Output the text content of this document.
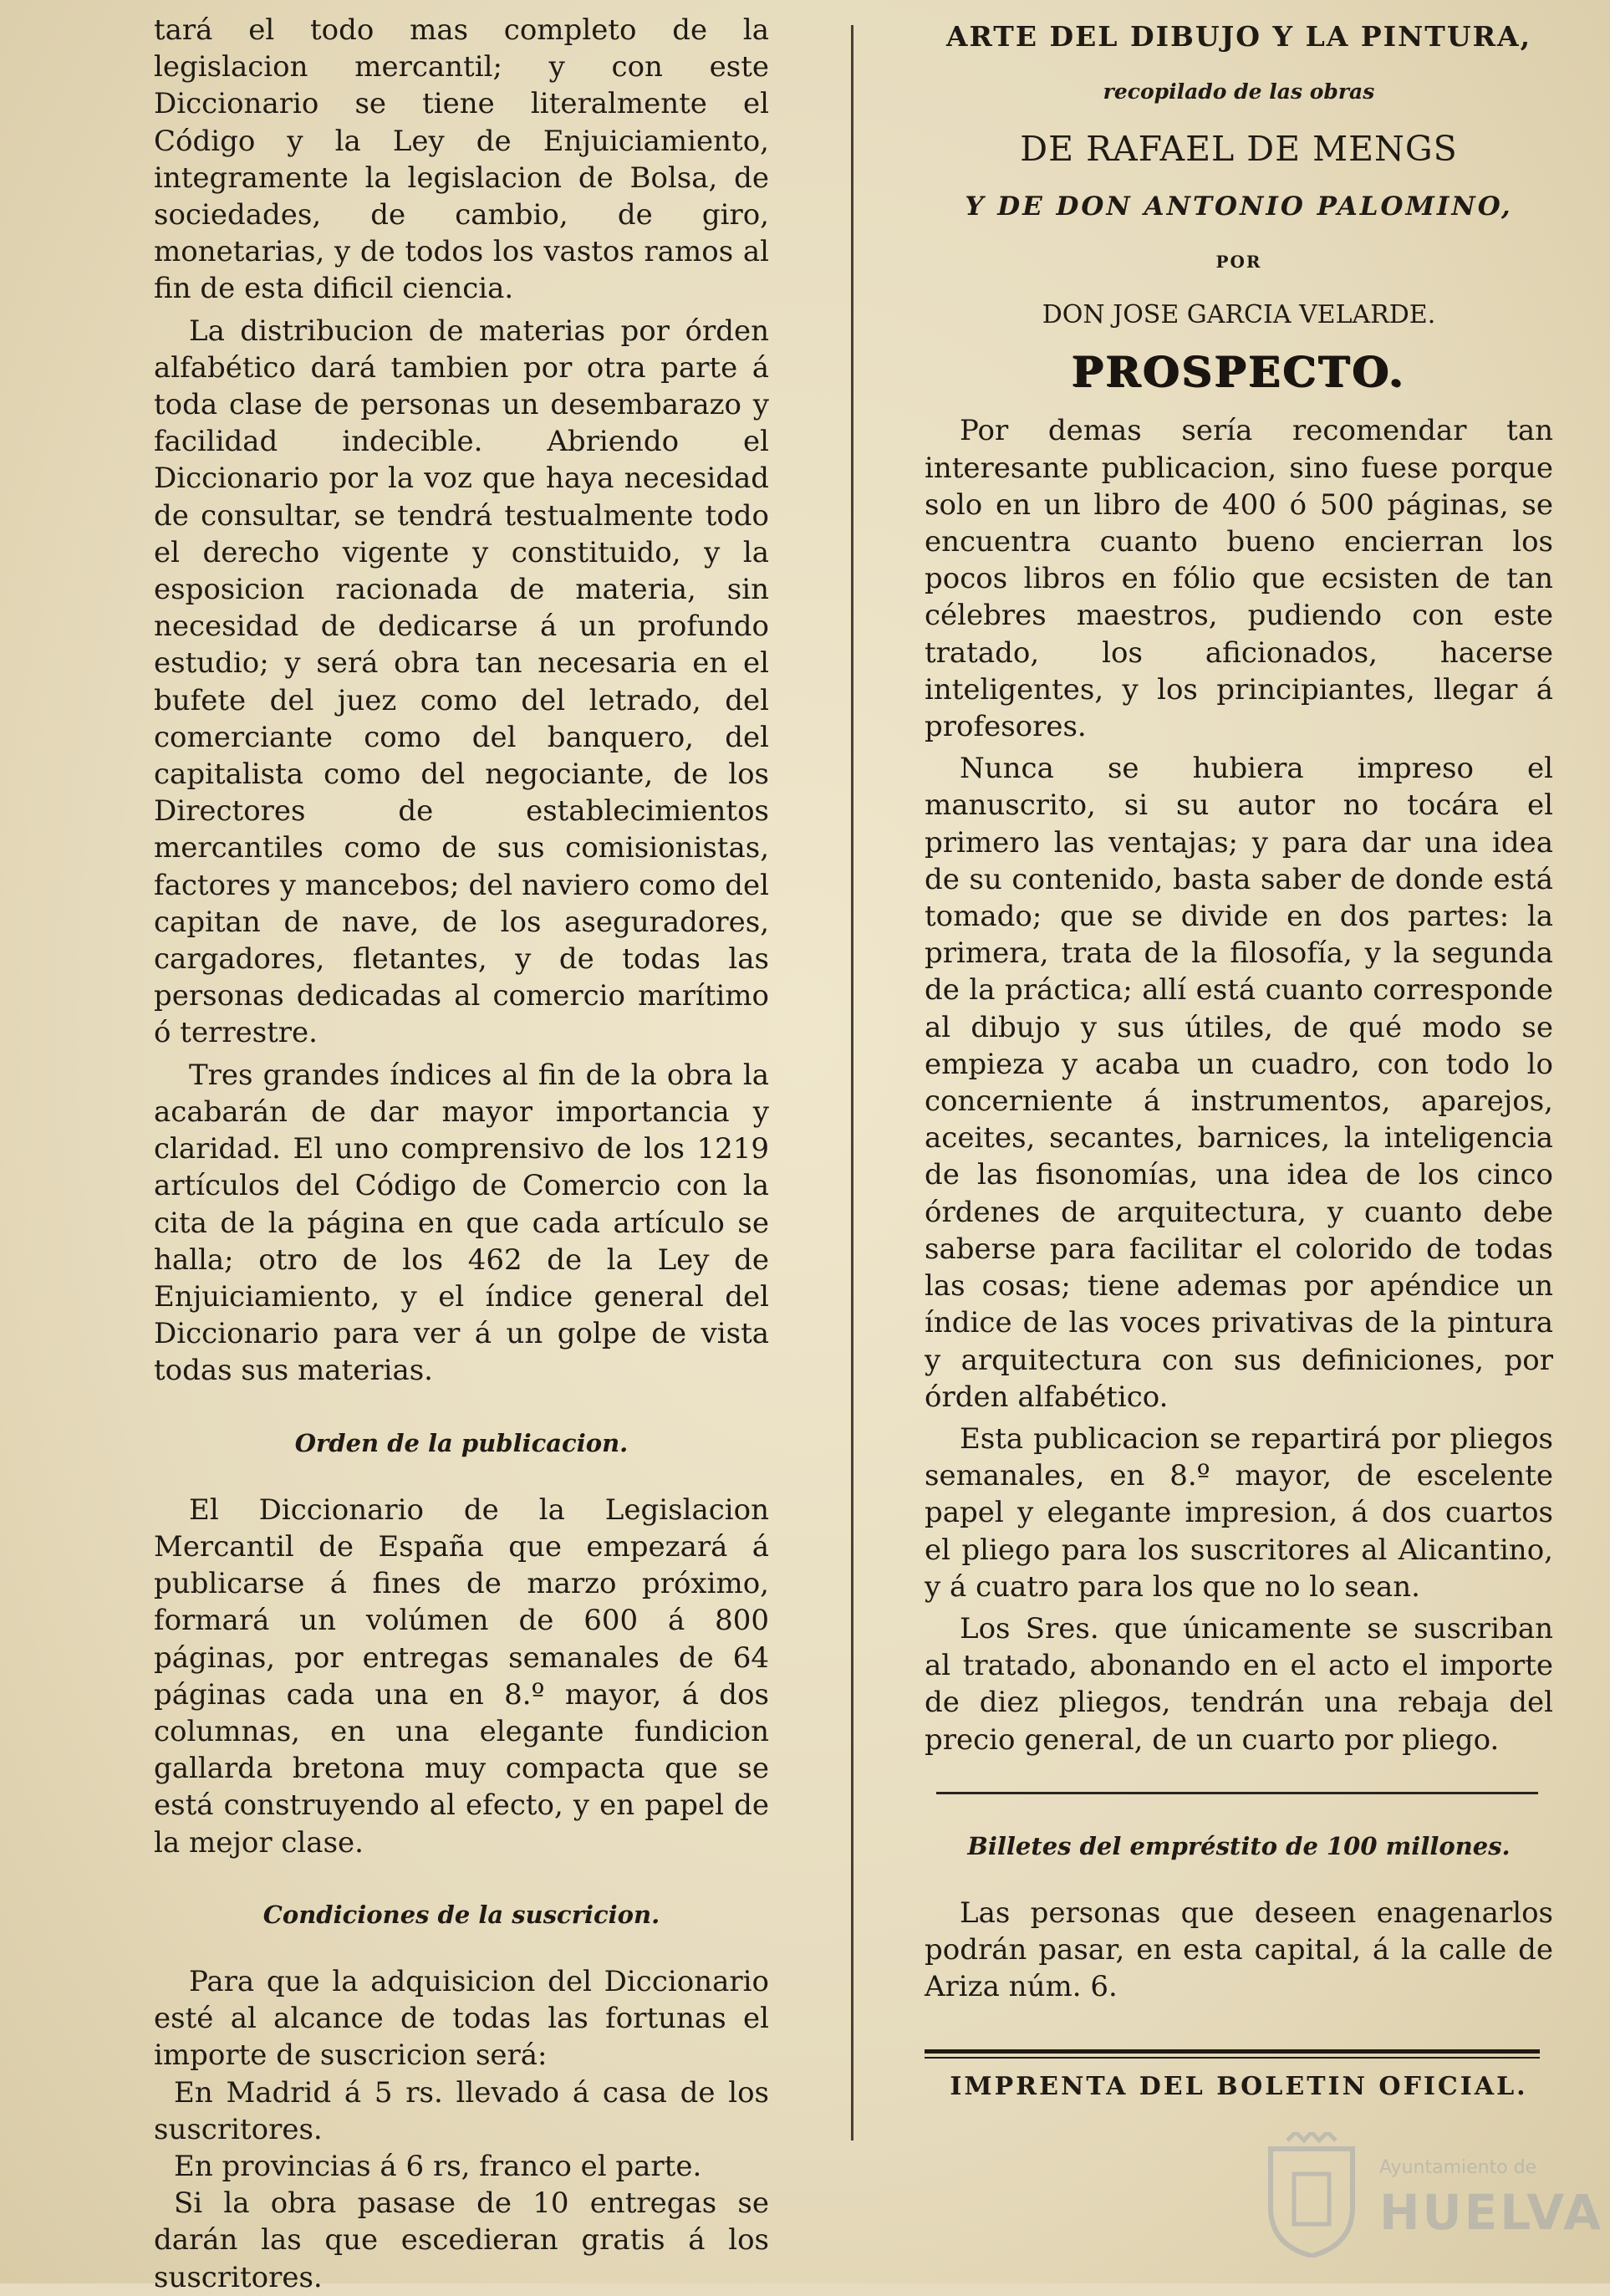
tará el todo mas completo de la legislacion mercantil; y con este Diccionario se tiene literalmente el Código y la Ley de Enjuiciamiento, integramente la legislacion de Bolsa, de sociedades, de cambio, de giro, monetarias, y de todos los vastos ramos al fin de esta dificil ciencia.

La distribucion de materias por órden alfabético dará tambien por otra parte á toda clase de personas un desembarazo y facilidad indecible. Abriendo el Diccionario por la voz que haya necesidad de consultar, se tendrá testualmente todo el derecho vigente y constituido, y la esposicion racionada de materia, sin necesidad de dedicarse á un profundo estudio; y será obra tan necesaria en el bufete del juez como del letrado, del comerciante como del banquero, del capitalista como del negociante, de los Directores de establecimientos mercantiles como de sus comisionistas, factores y mancebos; del naviero como del capitan de nave, de los aseguradores, cargadores, fletantes, y de todas las personas dedicadas al comercio marítimo ó terrestre.

Tres grandes índices al fin de la obra la acabarán de dar mayor importancia y claridad. El uno comprensivo de los 1219 artículos del Código de Comercio con la cita de la página en que cada artículo se halla; otro de los 462 de la Ley de Enjuiciamiento, y el índice general del Diccionario para ver á un golpe de vista todas sus materias.

Orden de la publicacion.

El Diccionario de la Legislacion Mercantil de España que empezará á publicarse á fines de marzo próximo, formará un volúmen de 600 á 800 páginas, por entregas semanales de 64 páginas cada una en 8.º mayor, á dos columnas, en una elegante fundicion gallarda bretona muy compacta que se está construyendo al efecto, y en papel de la mejor clase.

Condiciones de la suscricion.

Para que la adquisicion del Diccionario esté al alcance de todas las fortunas el importe de suscricion será:

En Madrid á 5 rs. llevado á casa de los suscritores.

En provincias á 6 rs, franco el parte.

Si la obra pasase de 10 entregas se darán las que escedieran gratis á los suscritores.

ARTE DEL DIBUJO Y LA PINTURA,

recopilado de las obras

DE RAFAEL DE MENGS

Y DE DON ANTONIO PALOMINO,

POR

DON JOSE GARCIA VELARDE.

PROSPECTO.

Por demas sería recomendar tan interesante publicacion, sino fuese porque solo en un libro de 400 ó 500 páginas, se encuentra cuanto bueno encierran los pocos libros en fólio que ecsisten de tan célebres maestros, pudiendo con este tratado, los aficionados, hacerse inteligentes, y los principiantes, llegar á profesores.

Nunca se hubiera impreso el manuscrito, si su autor no tocára el primero las ventajas; y para dar una idea de su contenido, basta saber de donde está tomado; que se divide en dos partes: la primera, trata de la filosofía, y la segunda de la práctica; allí está cuanto corresponde al dibujo y sus útiles, de qué modo se empieza y acaba un cuadro, con todo lo concerniente á instrumentos, aparejos, aceites, secantes, barnices, la inteligencia de las fisonomías, una idea de los cinco órdenes de arquitectura, y cuanto debe saberse para facilitar el colorido de todas las cosas; tiene ademas por apéndice un índice de las voces privativas de la pintura y arquitectura con sus definiciones, por órden alfabético.

Esta publicacion se repartirá por pliegos semanales, en 8.º mayor, de escelente papel y elegante impresion, á dos cuartos el pliego para los suscritores al Alicantino, y á cuatro para los que no lo sean.

Los Sres. que únicamente se suscriban al tratado, abonando en el acto el importe de diez pliegos, tendrán una rebaja del precio general, de un cuarto por pliego.

Billetes del empréstito de 100 millones.

Las personas que deseen enagenarlos podrán pasar, en esta capital, á la calle de Ariza núm. 6.

IMPRENTA DEL BOLETIN OFICIAL.

Ayuntamiento de
HUELVA
